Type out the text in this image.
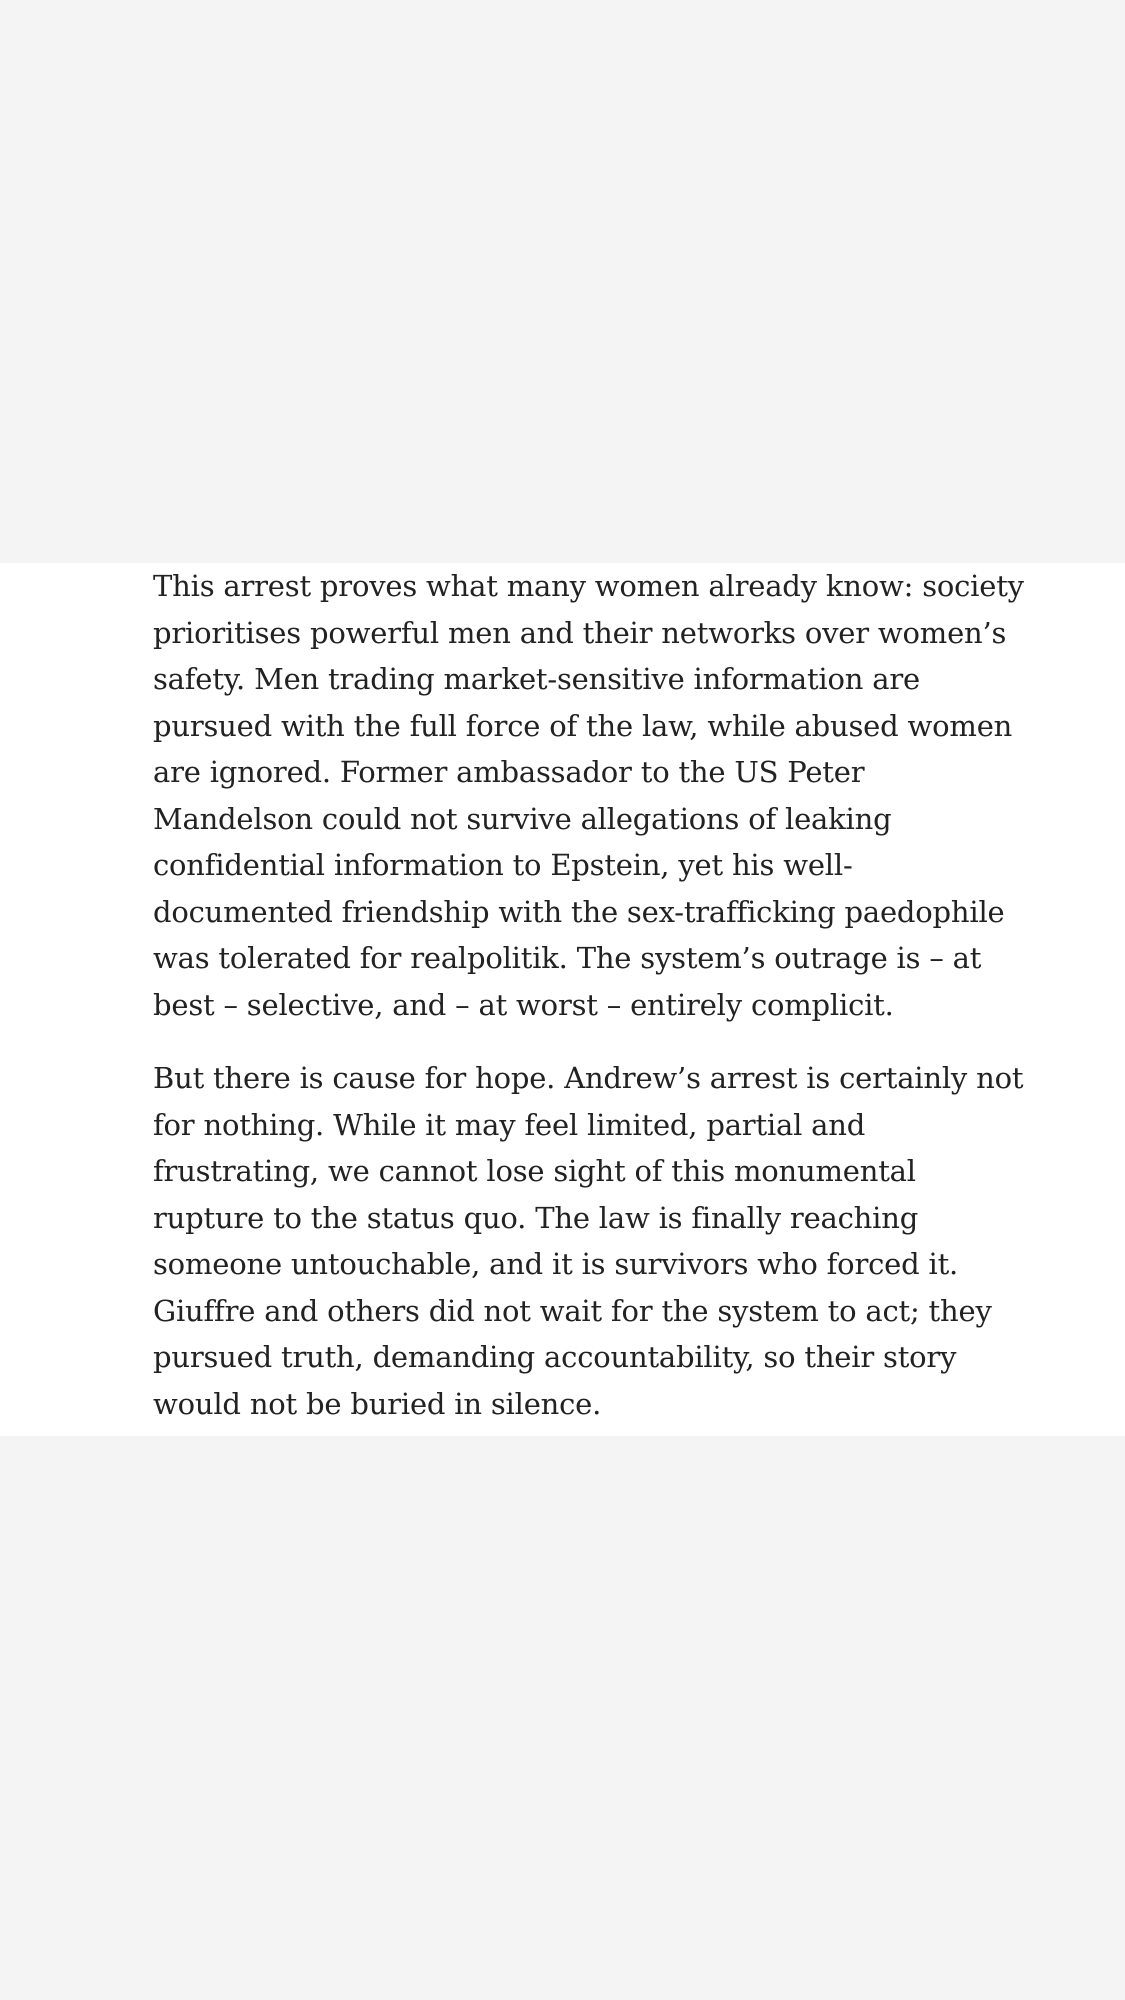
This arrest proves what many women already know: society
prioritises powerful men and their networks over women’s
safety. Men trading market-sensitive information are
pursued with the full force of the law, while abused women
are ignored. Former ambassador to the US Peter
Mandelson could not survive allegations of leaking
confidential information to Epstein, yet his well-
documented friendship with the sex-trafficking paedophile
was tolerated for realpolitik. The system’s outrage is – at
best – selective, and – at worst – entirely complicit.

But there is cause for hope. Andrew’s arrest is certainly not
for nothing. While it may feel limited, partial and
frustrating, we cannot lose sight of this monumental
rupture to the status quo. The law is finally reaching
someone untouchable, and it is survivors who forced it.
Giuffre and others did not wait for the system to act; they
pursued truth, demanding accountability, so their story
would not be buried in silence.
